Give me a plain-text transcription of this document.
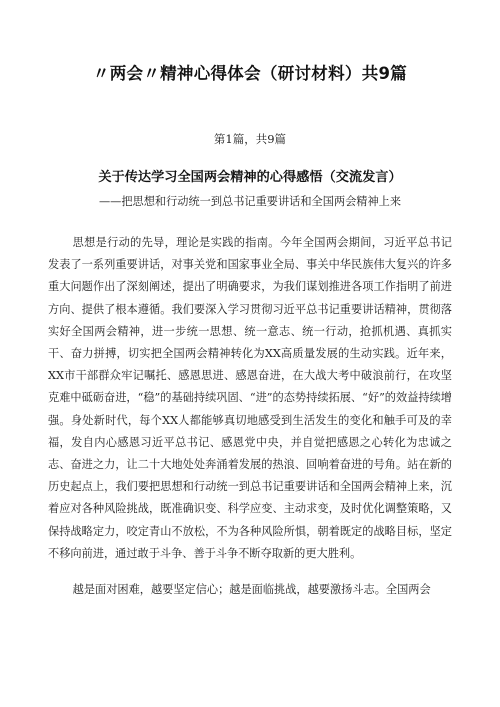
〃两会〃精神心得体会（研讨材料）共9篇
第1篇，共9篇
关于传达学习全国两会精神的心得感悟（交流发言）
——把思想和行动统一到总书记重要讲话和全国两会精神上来

思想是行动的先导，理论是实践的指南。今年全国两会期间，习近平总书记发表了一系列重要讲话，对事关党和国家事业全局、事关中华民族伟大复兴的许多重大问题作出了深刻阐述，提出了明确要求，为我们谋划推进各项工作指明了前进方向、提供了根本遵循。我们要深入学习贯彻习近平总书记重要讲话精神，贯彻落实好全国两会精神，进一步统一思想、统一意志、统一行动，抢抓机遇、真抓实干、奋力拼搏，切实把全国两会精神转化为XX高质量发展的生动实践。近年来，XX市干部群众牢记嘱托、感恩思进、感恩奋进，在大战大考中破浪前行，在攻坚克难中砥砺奋进，“稳”的基础持续巩固、“进”的态势持续拓展、“好”的效益持续增强。身处新时代，每个XX人都能够真切地感受到生活发生的变化和触手可及的幸福，发自内心感恩习近平总书记、感恩党中央，并自觉把感恩之心转化为忠诚之志、奋进之力，让二十大地处处奔涌着发展的热浪、回响着奋进的号角。站在新的历史起点上，我们要把思想和行动统一到总书记重要讲话和全国两会精神上来，沉着应对各种风险挑战，既准确识变、科学应变、主动求变，及时优化调整策略，又保持战略定力，咬定青山不放松，不为各种风险所惧，朝着既定的战略目标，坚定不移向前进，通过敢于斗争、善于斗争不断夺取新的更大胜利。

越是面对困难，越要坚定信心；越是面临挑战，越要激扬斗志。全国两会
